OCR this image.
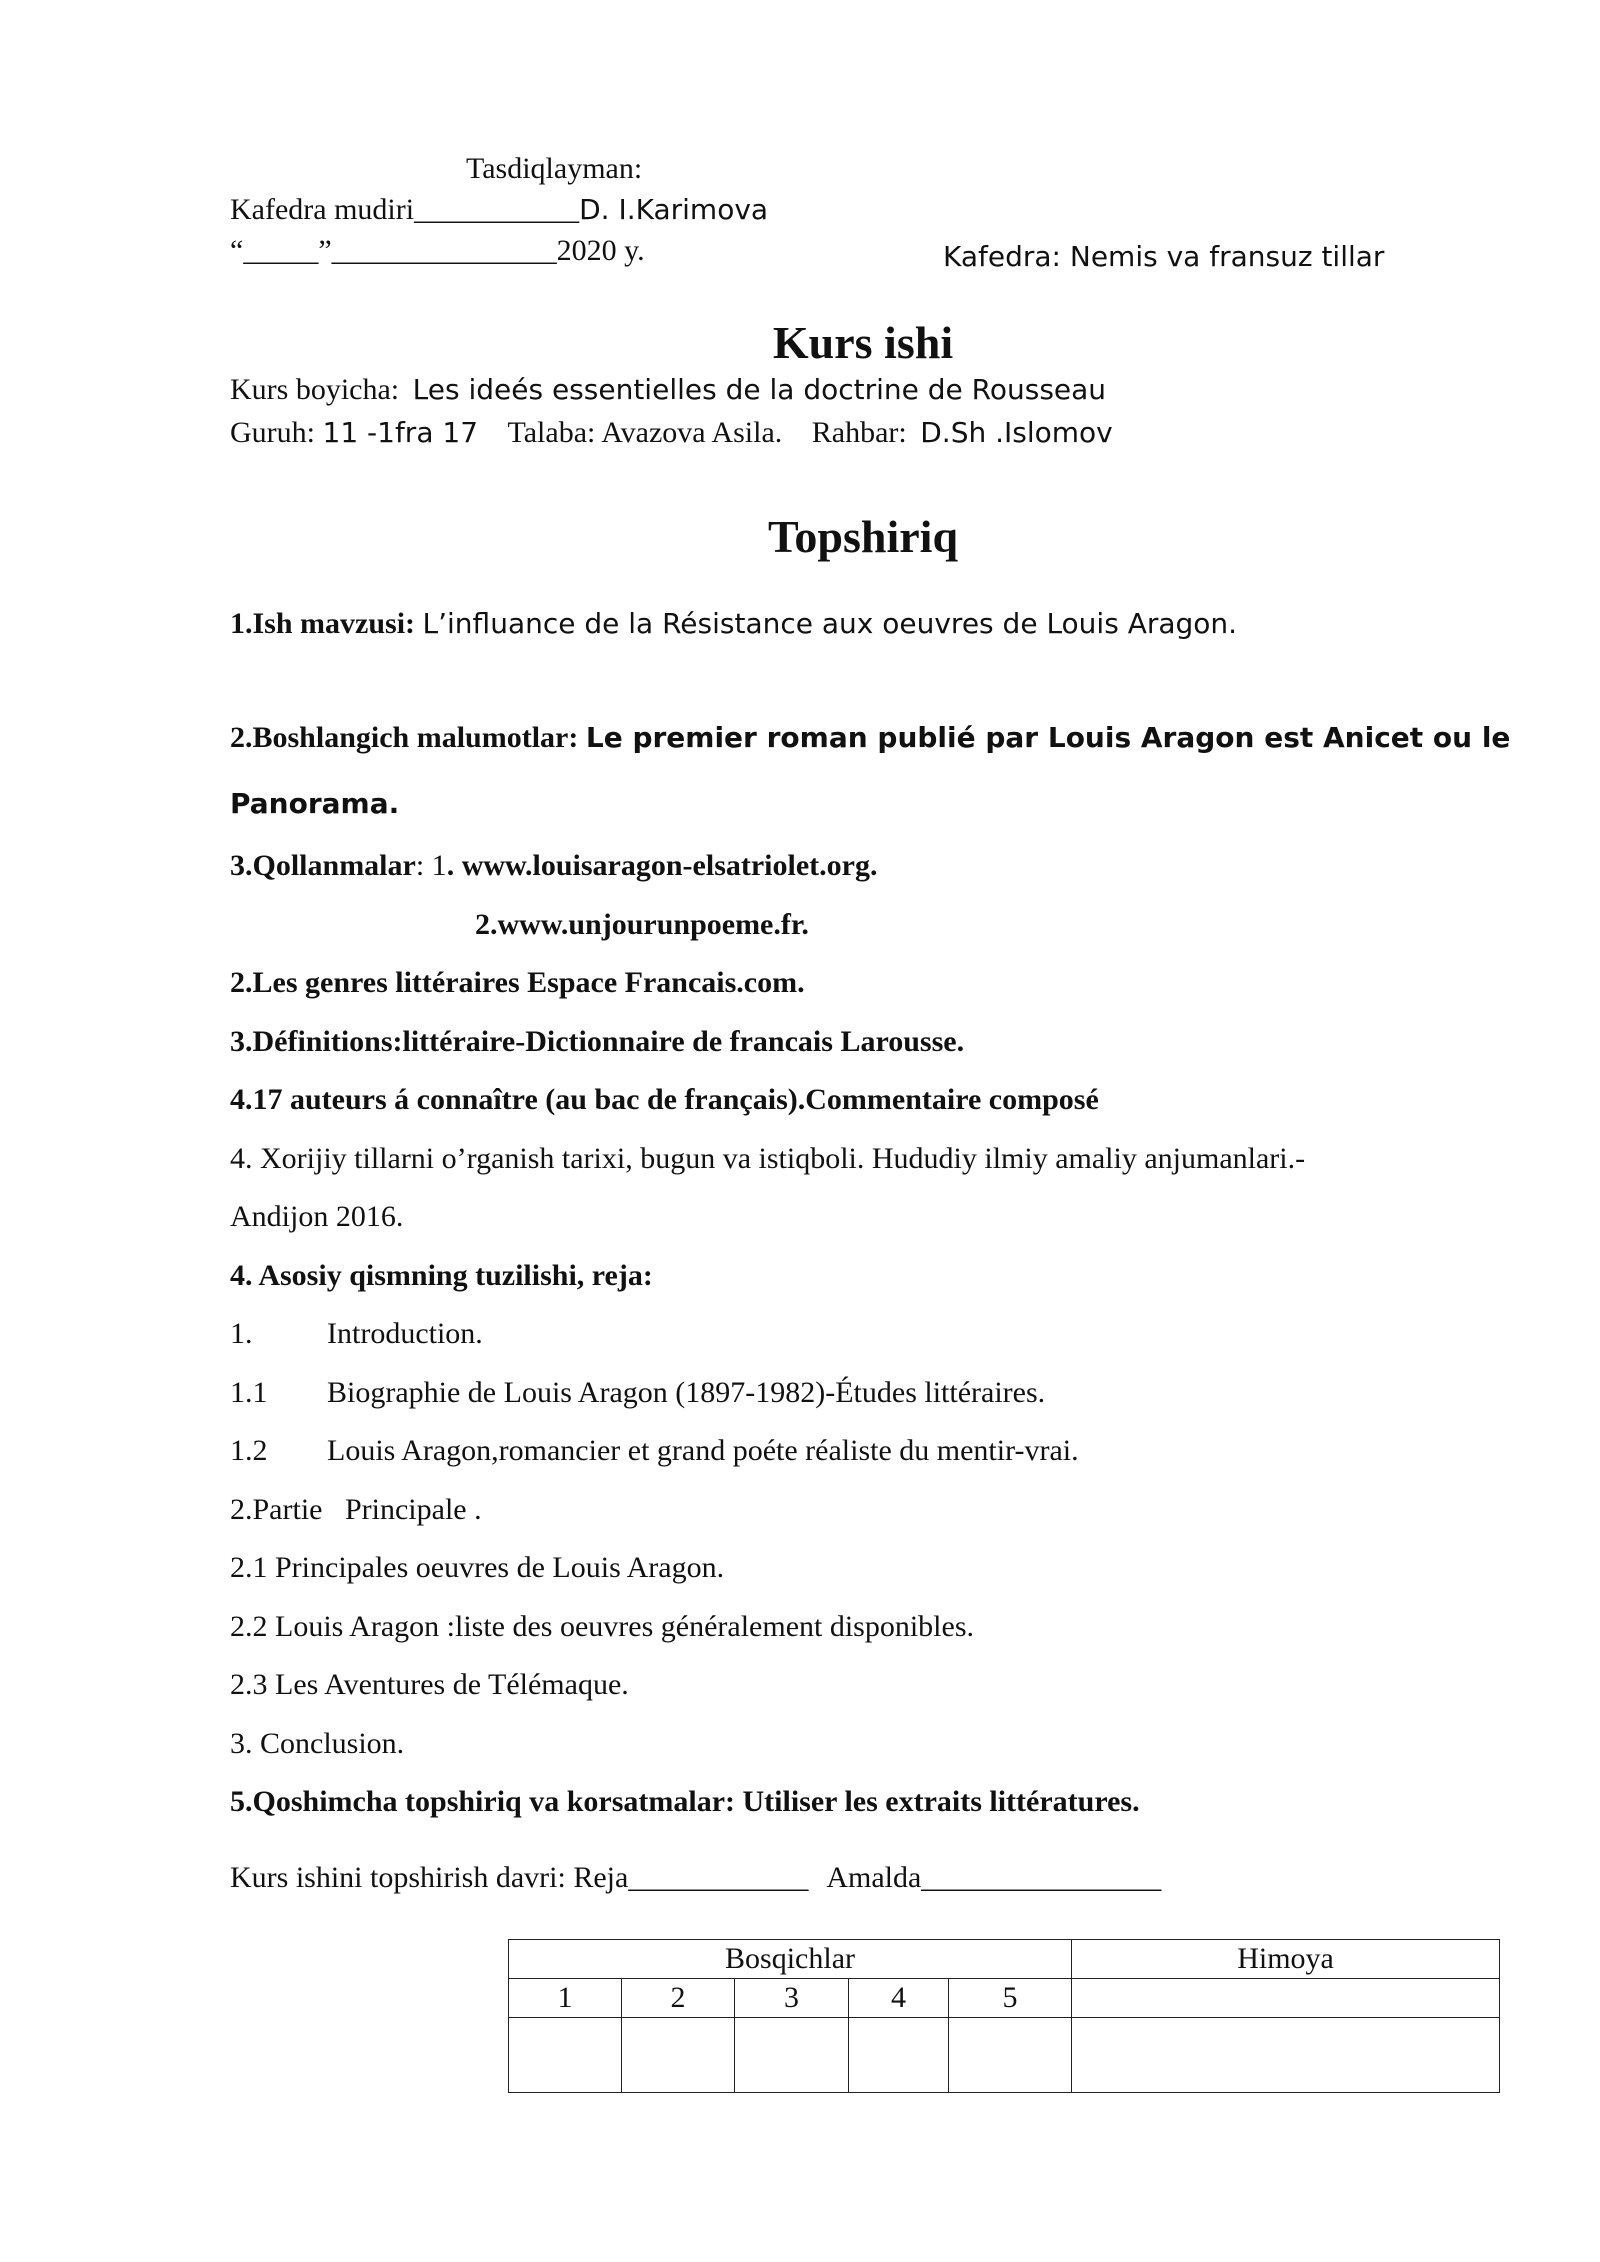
Tasdiqlayman:
Kafedra mudiri___________D. I.Karimova
“_____”_______________2020 y.	Kafedra: Nemis va fransuz tillar
Kurs ishi
Kurs boyicha: Les ideés essentielles de la doctrine de Rousseau
Guruh: 11 -1fra 17 Talaba: Avazova Asila. Rahbar: D.Sh .Islomov
Topshiriq
1.Ish mavzusi: L’influance de la Résistance aux oeuvres de Louis Aragon.
2.Boshlangich malumotlar: Le premier roman publié par Louis Aragon est Anicet ou le
Panorama.
3.Qollanmalar: 1. www.louisaragon-elsatriolet.org.
2.www.unjourunpoeme.fr.
2.Les genres littéraires Espace Francais.com.
3.Définitions:littéraire-Dictionnaire de francais Larousse.
4.17 auteurs á connaître (au bac de français).Commentaire composé
4. Xorijiy tillarni o’rganish tarixi, bugun va istiqboli. Hududiy ilmiy amaliy anjumanlari.-
Andijon 2016.
4. Asosiy qismning tuzilishi, reja:
1. Introduction.
1.1 Biographie de Louis Aragon (1897-1982)-Études littéraires.
1.2 Louis Aragon,romancier et grand poéte réaliste du mentir-vrai.
2.Partie   Principale .
2.1 Principales oeuvres de Louis Aragon.
2.2 Louis Aragon :liste des oeuvres généralement disponibles.
2.3 Les Aventures de Télémaque.
3. Conclusion.
5.Qoshimcha topshiriq va korsatmalar: Utiliser les extraits littératures.
Kurs ishini topshirish davri: Reja____________ Amalda________________
Bosqichlar					Himoya
1	2	3	4	5	
